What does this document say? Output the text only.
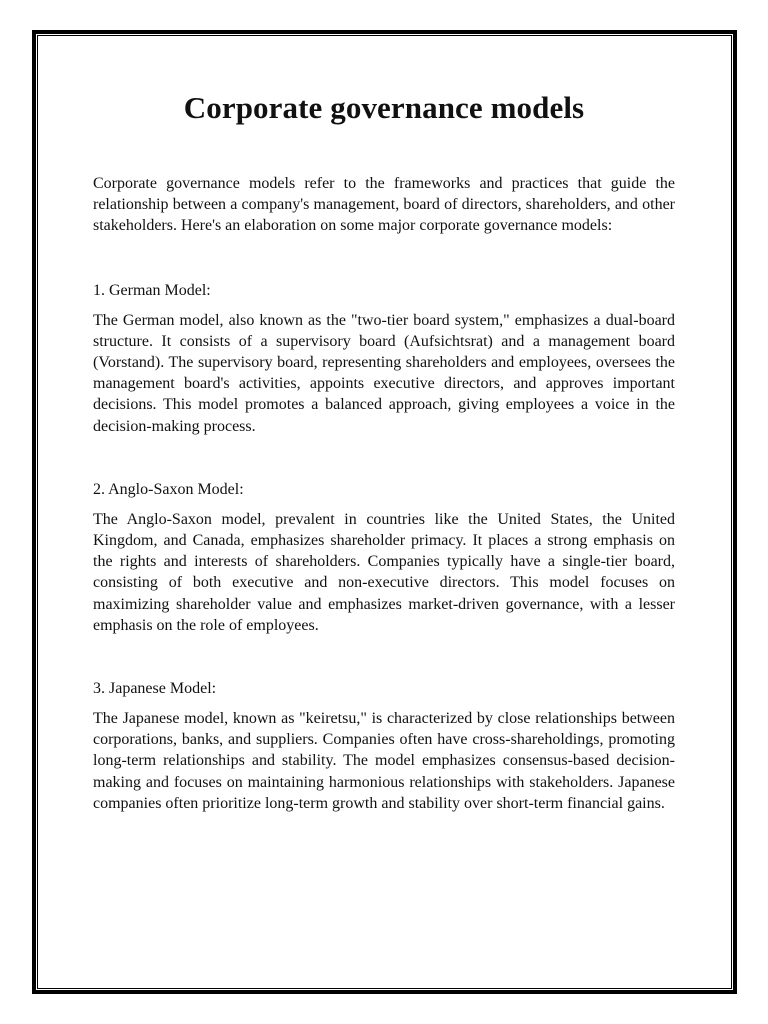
Corporate governance models

Corporate governance models refer to the frameworks and practices that guide the relationship between a company's management, board of directors, shareholders, and other stakeholders. Here's an elaboration on some major corporate governance models:

1. German Model:

The German model, also known as the "two-tier board system," emphasizes a dual-board structure. It consists of a supervisory board (Aufsichtsrat) and a management board (Vorstand). The supervisory board, representing shareholders and employees, oversees the management board's activities, appoints executive directors, and approves important decisions. This model promotes a balanced approach, giving employees a voice in the decision-making process.

2. Anglo-Saxon Model:

The Anglo-Saxon model, prevalent in countries like the United States, the United Kingdom, and Canada, emphasizes shareholder primacy. It places a strong emphasis on the rights and interests of shareholders. Companies typically have a single-tier board, consisting of both executive and non-executive directors. This model focuses on maximizing shareholder value and emphasizes market-driven governance, with a lesser emphasis on the role of employees.

3. Japanese Model:

The Japanese model, known as "keiretsu," is characterized by close relationships between corporations, banks, and suppliers. Companies often have cross-shareholdings, promoting long-term relationships and stability. The model emphasizes consensus-based decision-making and focuses on maintaining harmonious relationships with stakeholders. Japanese companies often prioritize long-term growth and stability over short-term financial gains.
